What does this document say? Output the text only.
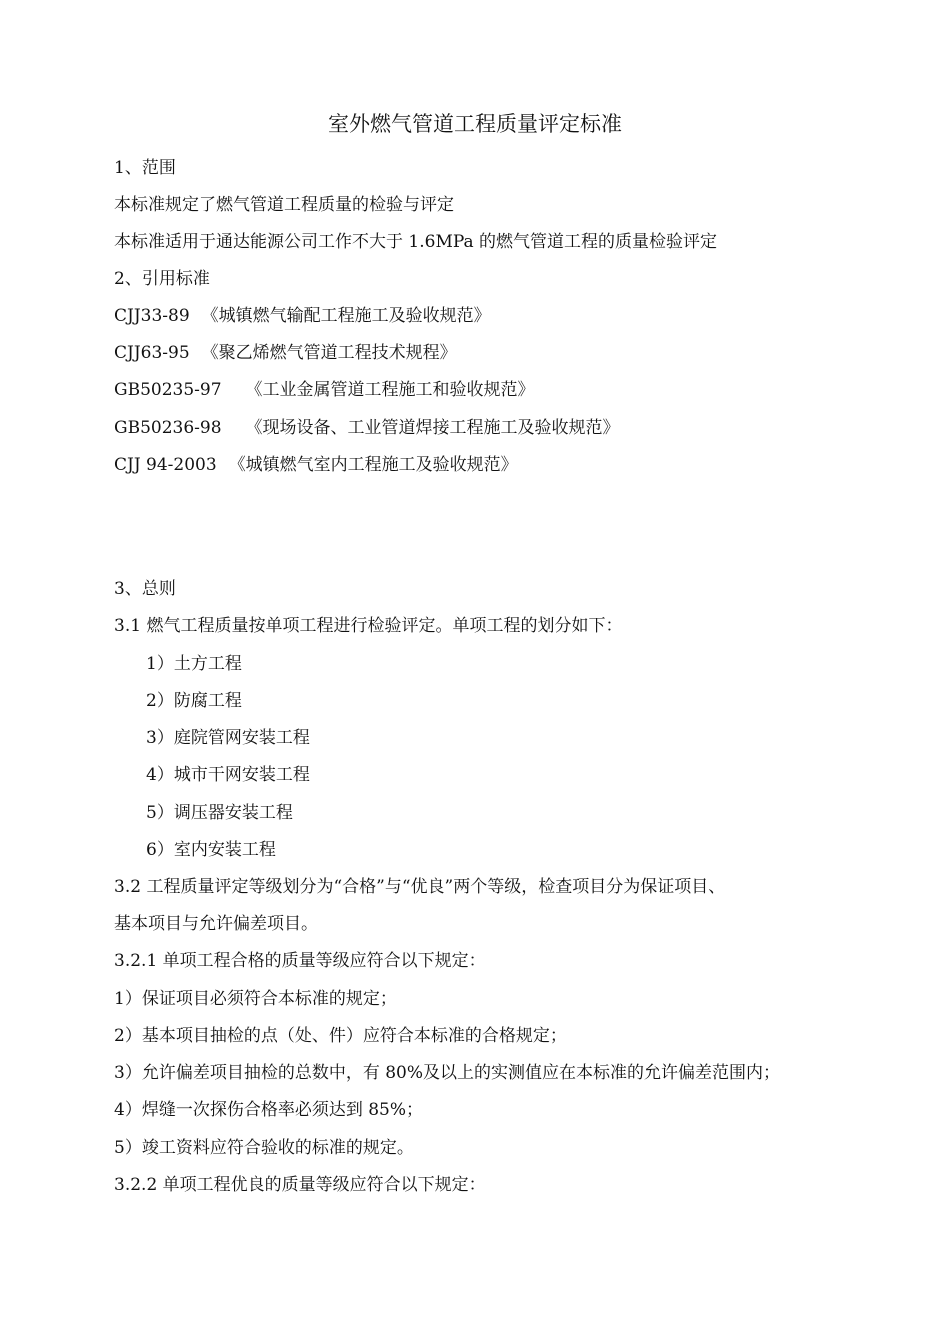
室外燃气管道工程质量评定标准
1、范围
本标准规定了燃气管道工程质量的检验与评定
本标准适用于通达能源公司工作不大于 1.6MPa 的燃气管道工程的质量检验评定
2、引用标准
CJJ33-89 《城镇燃气输配工程施工及验收规范》
CJJ63-95 《聚乙烯燃气管道工程技术规程》
GB50235-97 《工业金属管道工程施工和验收规范》
GB50236-98 《现场设备、工业管道焊接工程施工及验收规范》
CJJ 94-2003 《城镇燃气室内工程施工及验收规范》
3、总则
3.1 燃气工程质量按单项工程进行检验评定。单项工程的划分如下：
1）土方工程
2）防腐工程
3）庭院管网安装工程
4）城市干网安装工程
5）调压器安装工程
6）室内安装工程
3.2 工程质量评定等级划分为“合格”与“优良”两个等级，检查项目分为保证项目、
基本项目与允许偏差项目。
3.2.1 单项工程合格的质量等级应符合以下规定：
1）保证项目必须符合本标准的规定；
2）基本项目抽检的点（处、件）应符合本标准的合格规定；
3）允许偏差项目抽检的总数中，有 80%及以上的实测值应在本标准的允许偏差范围内；
4）焊缝一次探伤合格率必须达到 85%；
5）竣工资料应符合验收的标准的规定。
3.2.2 单项工程优良的质量等级应符合以下规定：
